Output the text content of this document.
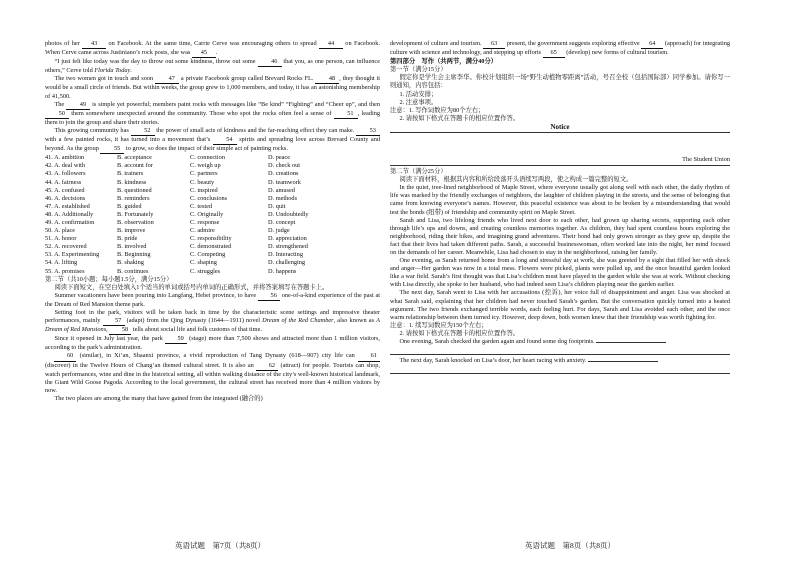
photos of her 43 on Facebook. At the same time, Carrie Cerve was encouraging others to spread 44 on Facebook. When Cerve came across Justiniano’s rock posts, she was 45 .

“I just felt like today was the day to throw out some kindness, throw out some 46 that you, as one person, can influence others,” Cerve told Florida Today.

The two women got in touch and soon 47 a private Facebook group called Brevard Rocks FL. 48 , they thought it would be a small circle of friends. But within weeks, the group grew to 1,000 members, and today, it has an astonishing membership of 41,500.

The 49 is simple yet powerful; members paint rocks with messages like “Be kind” “Fighting” and “Cheer up”, and then 50 them somewhere unexpected around the community. Those who spot the rocks often feel a sense of 51 , leading them to join the group and share their stories.

This growing community has 52 the power of small acts of kindness and the far-reaching effect they can make. 53 with a few painted rocks, it has turned into a movement that’s 54 spirits and spreading love across Brevard County and beyond. As the group 55 to grow, so does the impact of their simple act of painting rocks.

41. A. ambition	B. acceptance	C. connection	D. peace
42. A. deal with	B. account for	C. weigh up	D. check out
43. A. followers	B. trainers	C. partners	D. creations
44. A. fairness	B. kindness	C. beauty	D. teamwork
45. A. confused	B. questioned	C. inspired	D. amused
46. A. decisions	B. reminders	C. conclusions	D. methods
47. A. established	B. guided	C. tested	D. quit
48. A. Additionally	B. Fortunately	C. Originally	D. Undoubtedly
49. A. confirmation	B. observation	C. response	D. concept
50. A. place	B. improve	C. admire	D. judge
51. A. honor	B. pride	C. responsibility	D. appreciation
52. A. recovered	B. involved	C. demonstrated	D. strengthened
53. A. Experimenting	B. Beginning	C. Competing	D. Interacting
54. A. lifting	B. shaking	C. shaping	D. challenging
55. A. promises	B. continues	C. struggles	D. happens

第二节（共10小题；每小题1.5分，满分15分）

阅读下面短文，在空白处填入1个适当的单词或括号内单词的正确形式，并将答案填写在答题卡上。

Summer vacationers have been pouring into Langfang, Hebei province, to have 56 one-of-a-kind experience of the past at the Dream of Red Mansion theme park.

Setting foot in the park, visitors will be taken back in time by the characteristic scene settings and impressive theater performances, mainly 57 (adapt) from the Qing Dynasty (1644—1911) novel Dream of the Red Chamber, also known as A Dream of Red Mansions, 58 tells about social life and folk customs of that time.

Since it opened in July last year, the park 59 (stage) more than 7,500 shows and attracted more than 1 million visitors, according to the park’s administration.

60 (similar), in Xi’an, Shaanxi province, a vivid reproduction of Tang Dynasty (618—907) city life can 61 (discover) in the Twelve Hours of Chang’an themed cultural street. It is also an 62 (attract) for people. Tourists can shop, watch performances, wine and dine in the historical setting, all within walking distance of the city’s well-known historical landmark, the Giant Wild Goose Pagoda. According to the local government, the cultural street has received more than 4 million visitors by now.

The two places are among the many that have gained from the integrated (融合的)

development of culture and tourism. 63 present, the government suggests exploring effective 64 (approach) for integrating culture with science and technology, and stepping up efforts 65 (develop) new forms of cultural tourism.

第四部分　写作（共两节，满分40分）

第一节（满分15分）

假定你是学生会主席李华。你校计划组织一场“野生动植物零距离”活动，号召全校（包括国际部）同学参加。请你写一则通知，内容包括：

1. 活动安排；

2. 注意事项。

注意：1. 写作词数应为80个左右；

2. 请按如下格式在答题卡的相应位置作答。

Notice

The Student Union

第二节（满分25分）

阅读下面材料，根据其内容和所给段落开头语续写两段，使之构成一篇完整的短文。

In the quiet, tree-lined neighborhood of Maple Street, where everyone usually got along well with each other, the daily rhythm of life was marked by the friendly exchanges of neighbors, the laughter of children playing in the streets, and the sense of belonging that came from knowing everyone’s names. However, this peaceful existence was about to be broken by a misunderstanding that would test the bonds (纽带) of friendship and community spirit on Maple Street.

Sarah and Lisa, two lifelong friends who lived next door to each other, had grown up sharing secrets, supporting each other through life’s ups and downs, and creating countless memories together. As children, they had spent countless hours exploring the neighborhood, riding their bikes, and imagining grand adventures. Their bond had only grown stronger as they grew up, despite the fact that their lives had taken different paths. Sarah, a successful businesswoman, often worked late into the night, her mind focused on the demands of her career. Meanwhile, Lisa had chosen to stay in the neighborhood, raising her family.

One evening, as Sarah returned home from a long and stressful day at work, she was greeted by a sight that filled her with shock and anger—Her garden was now in a total mess. Flowers were picked, plants were pulled up, and the once beautiful garden looked like a war field. Sarah’s first thought was that Lisa’s children must have played in the garden while she was at work. Without checking with Lisa directly, she spoke to her husband, who had indeed seen Lisa’s children playing near the garden earlier.

The next day, Sarah went to Lisa with her accusations (控诉), her voice full of disappointment and anger. Lisa was shocked at what Sarah said, explaining that her children had never touched Sarah’s garden. But the conversation quickly turned into a heated argument. The two friends exchanged terrible words, each feeling hurt. For days, Sarah and Lisa avoided each other, and the once warm relationship between them turned icy. However, deep down, both women knew that their friendship was worth fighting for.

注意：1. 续写词数应为150个左右；

2. 请按如下格式在答题卡的相应位置作答。

One evening, Sarah checked the garden again and found some dog footprints.

The next day, Sarah knocked on Lisa’s door, her heart racing with anxiety.

英语试题　第7页（共8页）	英语试题　第8页（共8页）
